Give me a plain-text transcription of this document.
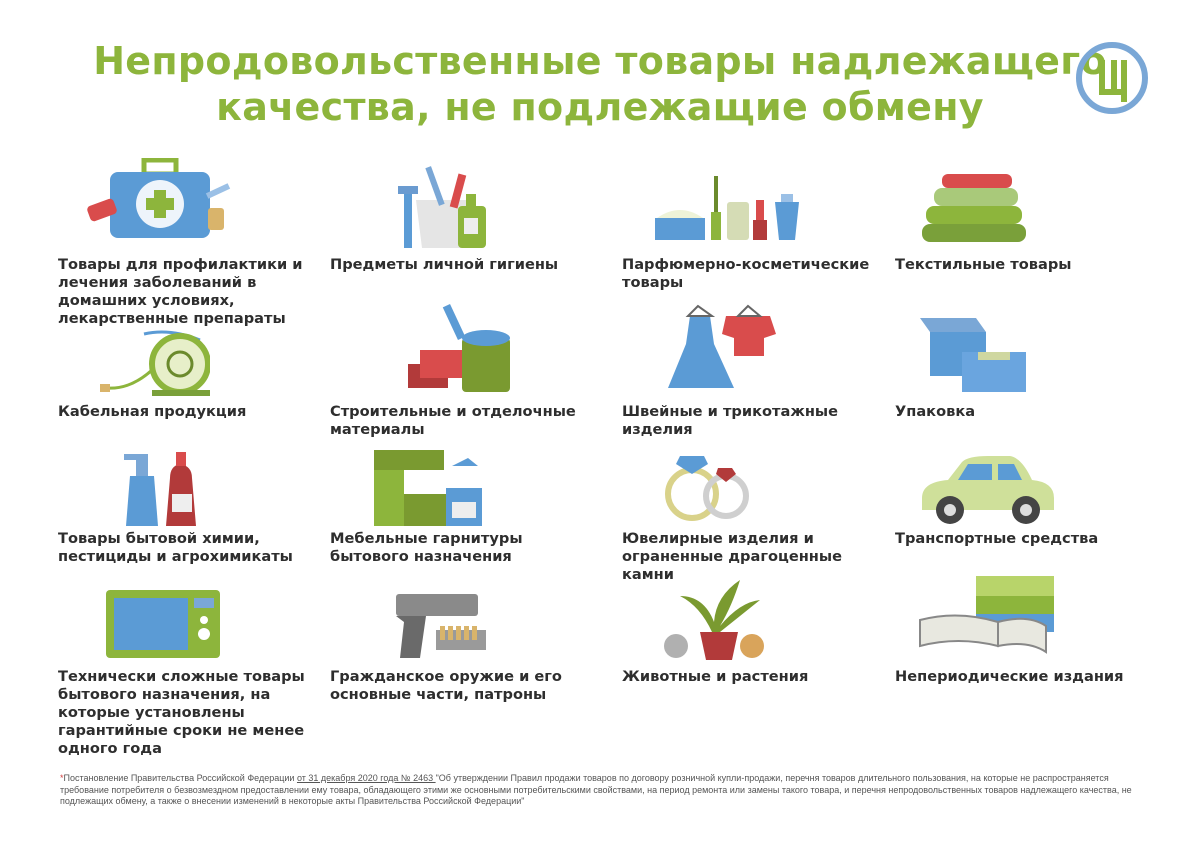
Непродовольственные товары надлежащего качества, не подлежащие обмену
Товары для профилактики и лечения заболеваний в домашних условиях, лекарственные препараты
Предметы личной гигиены	Парфюмерно-косметические товары
Текстильные товары
Кабельная продукция	Строительные и отделочные материалы
Швейные и трикотажные изделия
Упаковка
Товары бытовой химии, пестициды и агрохимикаты
Мебельные гарнитуры бытового назначения
Ювелирные изделия и ограненные драгоценные камни
Транспортные средства
Технически сложные товары бытового назначения, на которые установлены гарантийные сроки не менее одного года
Гражданское оружие и его основные части, патроны
Животные и растения	Непериодические издания
*Постановление Правительства Российской Федерации от 31 декабря 2020 года № 2463 "Об утверждении Правил продажи товаров по договору розничной купли-продажи, перечня товаров длительного пользования, на которые не распространяется требование потребителя о безвозмездном предоставлении ему товара, обладающего этими же основными потребительскими свойствами, на период ремонта или замены такого товара, и перечня непродовольственных товаров надлежащего качества, не подлежащих обмену, а также о внесении изменений в некоторые акты Правительства Российской Федерации"
